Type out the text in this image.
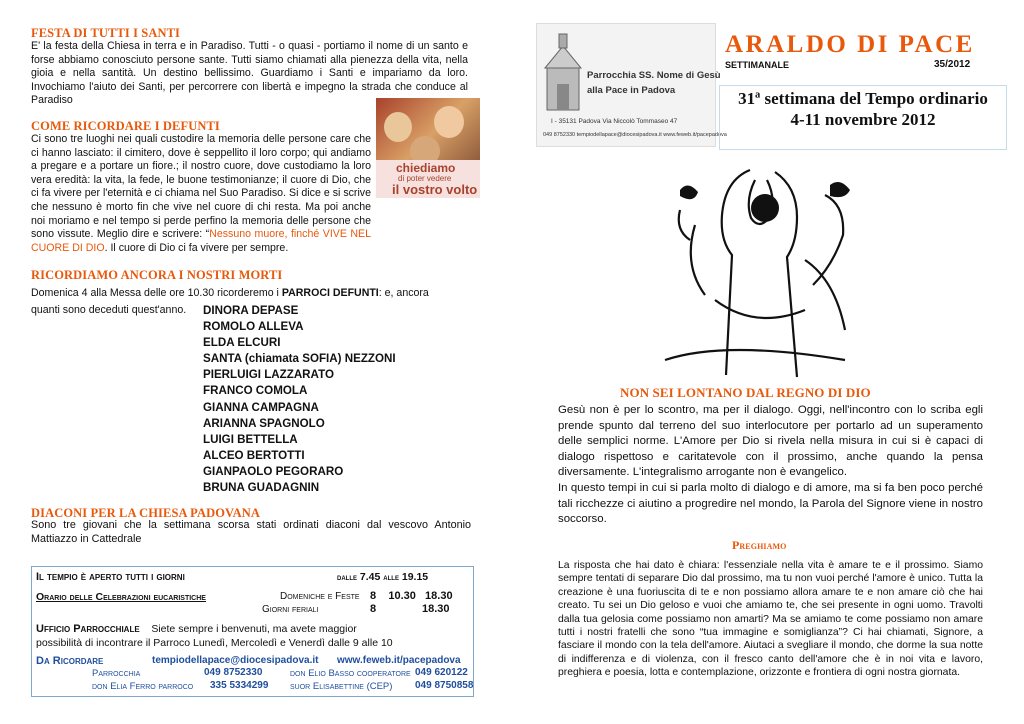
FESTA DI TUTTI I SANTI
E' la festa della Chiesa in terra e in Paradiso. Tutti - o quasi - portiamo il nome di un santo e forse abbiamo conosciuto persone sante. Tutti siamo chiamati alla pienezza della vita, nella gioia e nella santità. Un destino bellissimo. Guardiamo i Santi e impariamo da loro. Invochiamo l'aiuto dei Santi, per percorrere con libertà e impegno la strada che conduce al Paradiso
chiediamo
di poter vedere
il vostro volto
COME RICORDARE I DEFUNTI
Ci sono tre luoghi nei quali custodire la memoria delle persone care che ci hanno lasciato: il cimitero, dove è seppellito il loro corpo; qui andiamo a pregare e a portare un fiore.; il nostro cuore, dove custodiamo la loro vera eredità: la vita, la fede, le buone testimonianze; il cuore di Dio, che ci fa vivere per l'eternità e ci chiama nel Suo Paradiso. Si dice e si scrive che nessuno è morto fin che vive nel cuore di chi resta. Ma poi anche noi moriamo e nel tempo si perde perfino la memoria delle persone che sono vissute. Meglio dire e scrivere: “Nessuno muore, finché VIVE NEL CUORE DI DIO. Il cuore di Dio ci fa vivere per sempre.
RICORDIAMO ANCORA I NOSTRI MORTI
Domenica 4 alla Messa delle ore 10.30 ricorderemo i PARROCI DEFUNTI: e, ancora
quanti sono deceduti quest'anno. DINORA DEPASE
ROMOLO ALLEVA
ELDA ELCURI
SANTA (chiamata SOFIA) NEZZONI
PIERLUIGI LAZZARATO
FRANCO COMOLA
GIANNA CAMPAGNA
ARIANNA SPAGNOLO
LUIGI BETTELLA
ALCEO BERTOTTI
GIANPAOLO PEGORARO
BRUNA GUADAGNIN
DIACONI PER LA CHIESA PADOVANA
Sono tre giovani che la settimana scorsa stati ordinati diaconi dal vescovo Antonio Mattiazzo in Cattedrale
Il tempio è aperto tutti i giorni	dalle 7.45 alle 19.15
Orario delle Celebrazioni eucaristiche	Domeniche e Feste 8    10.30   18.30
Giorni feriali	8               18.30
Ufficio Parrocchiale Siete sempre i benvenuti, ma avete maggior
possibilità di incontrare il Parroco Lunedì, Mercoledì e Venerdì dalle 9 alle 10
Da Ricordare	tempiodellapace@diocesipadova.it www.feweb.it/pacepadova
Parrocchia	049 8752330	don Elio Basso cooperatore 049 620122
don Elia Ferro parroco 335 5334299 suor Elisabettine (CEP) 049 8750858
Parrocchia SS. Nome di Gesù
alla Pace in Padova
I - 35131 Padova Via Niccolò Tommaseo 47
049 8752330 tempiodellapace@diocesipadova.it www.feweb.it/pacepadova
ARALDO DI PACE
SETTIMANALE	35/2012
31ª settimana del Tempo ordinario
4-11 novembre 2012
NON SEI LONTANO DAL REGNO DI DIO
Gesù non è per lo scontro, ma per il dialogo. Oggi, nell'incontro con lo scriba egli prende spunto dal terreno del suo interlocutore per portarlo ad un superamento delle semplici norme. L'Amore per Dio si rivela nella misura in cui si è capaci di dialogo rispettoso e caritatevole con il prossimo, anche quando la pensa diversamente. L'integralismo arrogante non è evangelico.
In questo tempi in cui si parla molto di dialogo e di amore, ma si fa ben poco perché tali ricchezze ci aiutino a progredire nel mondo, la Parola del Signore viene in nostro soccorso.
Preghiamo
La risposta che hai dato è chiara: l'essenziale nella vita è amare te e il prossimo. Siamo sempre tentati di separare Dio dal prossimo, ma tu non vuoi perché l'amore è unico. Tutta la creazione è una fuoriuscita di te e non possiamo allora amare te e non amare ciò che hai creato. Tu sei un Dio geloso e vuoi che amiamo te, che sei presente in ogni uomo. Travolti dalla tua gelosia come possiamo non amarti? Ma se amiamo te come possiamo non amare tutti i nostri fratelli che sono “tua immagine e somiglianza”? Ci hai chiamati, Signore, a fasciare il mondo con la tela dell'amore. Aiutaci a svegliare il mondo, che dorme la sua notte di indifferenza e di violenza, con il fresco canto dell'amore che è in noi vita e lavoro, preghiera e poesia, lotta e contemplazione, orizzonte e frontiera di ogni nostra giornata.
